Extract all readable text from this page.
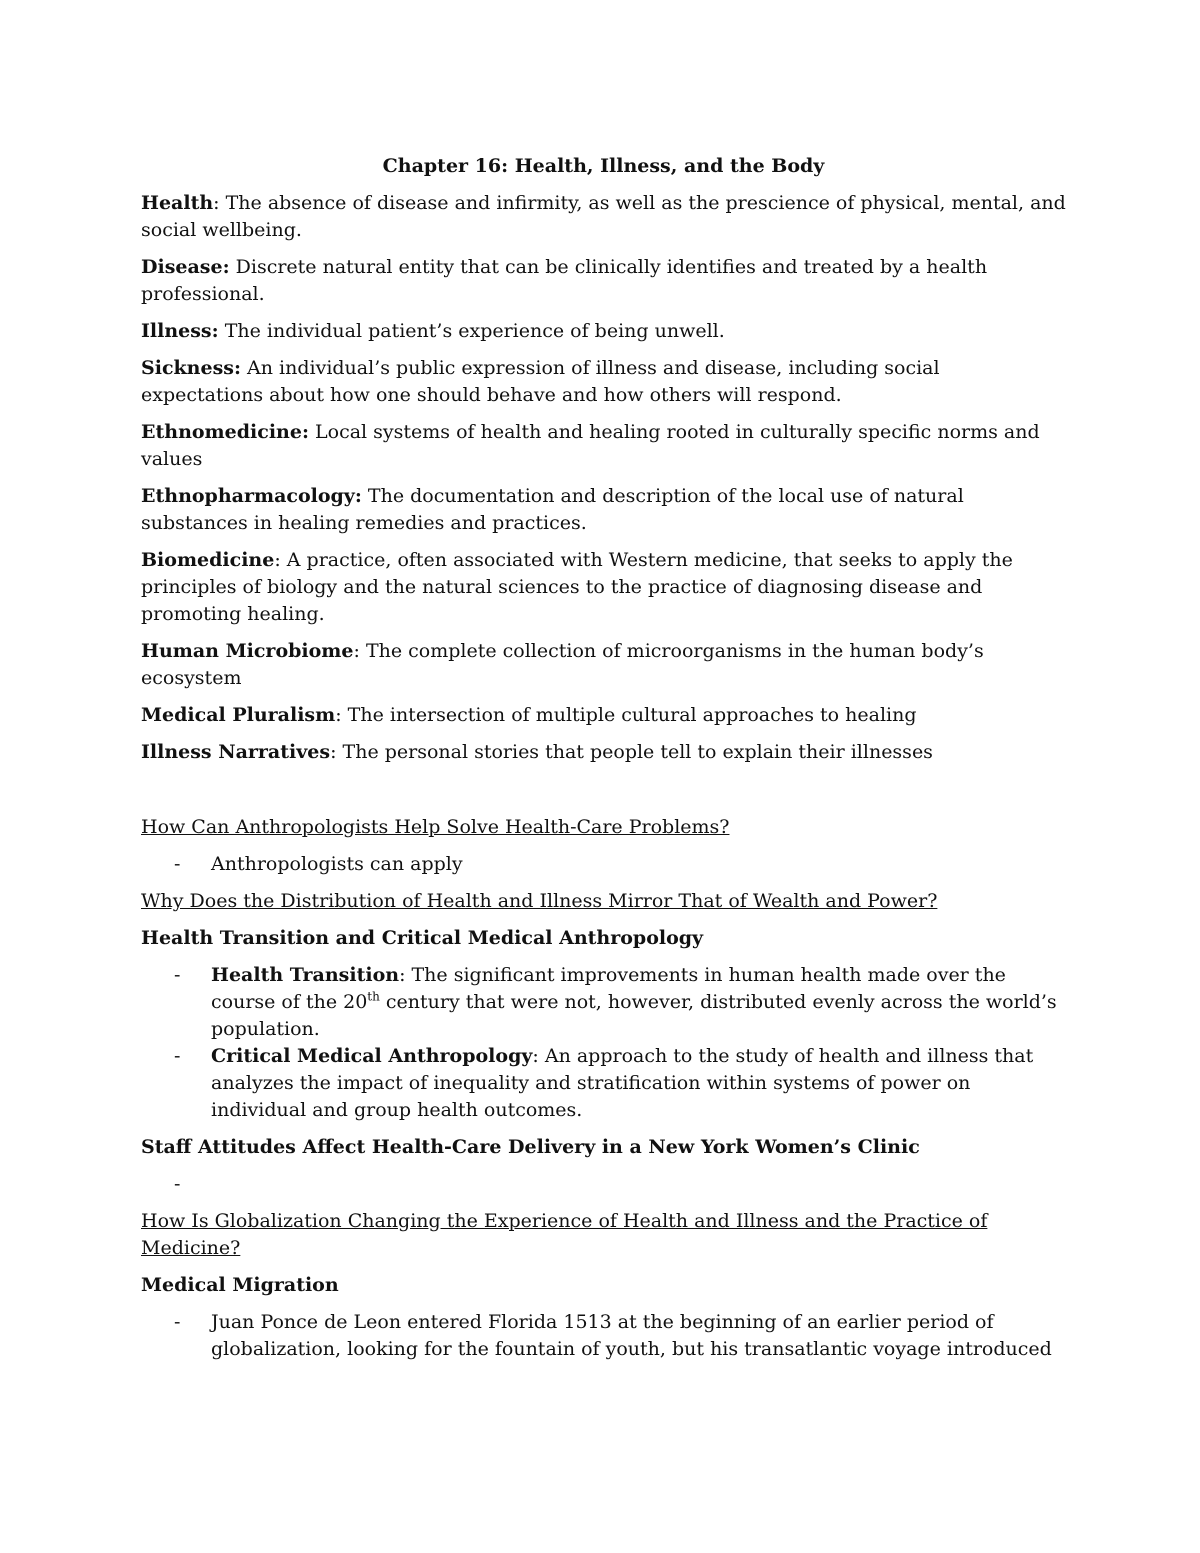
Chapter 16: Health, Illness, and the Body
Health: The absence of disease and infirmity, as well as the prescience of physical, mental, and social wellbeing.
Disease: Discrete natural entity that can be clinically identifies and treated by a health professional.
Illness: The individual patient’s experience of being unwell.
Sickness: An individual’s public expression of illness and disease, including social expectations about how one should behave and how others will respond.
Ethnomedicine: Local systems of health and healing rooted in culturally specific norms and values
Ethnopharmacology: The documentation and description of the local use of natural substances in healing remedies and practices.
Biomedicine: A practice, often associated with Western medicine, that seeks to apply the principles of biology and the natural sciences to the practice of diagnosing disease and promoting healing.
Human Microbiome: The complete collection of microorganisms in the human body’s ecosystem
Medical Pluralism: The intersection of multiple cultural approaches to healing
Illness Narratives: The personal stories that people tell to explain their illnesses
How Can Anthropologists Help Solve Health-Care Problems?
- Anthropologists can apply
Why Does the Distribution of Health and Illness Mirror That of Wealth and Power?
Health Transition and Critical Medical Anthropology
- Health Transition: The significant improvements in human health made over the course of the 20th century that were not, however, distributed evenly across the world’s population.
- Critical Medical Anthropology: An approach to the study of health and illness that analyzes the impact of inequality and stratification within systems of power on individual and group health outcomes.
Staff Attitudes Affect Health-Care Delivery in a New York Women’s Clinic
-
How Is Globalization Changing the Experience of Health and Illness and the Practice of Medicine?
Medical Migration
- Juan Ponce de Leon entered Florida 1513 at the beginning of an earlier period of globalization, looking for the fountain of youth, but his transatlantic voyage introduced
